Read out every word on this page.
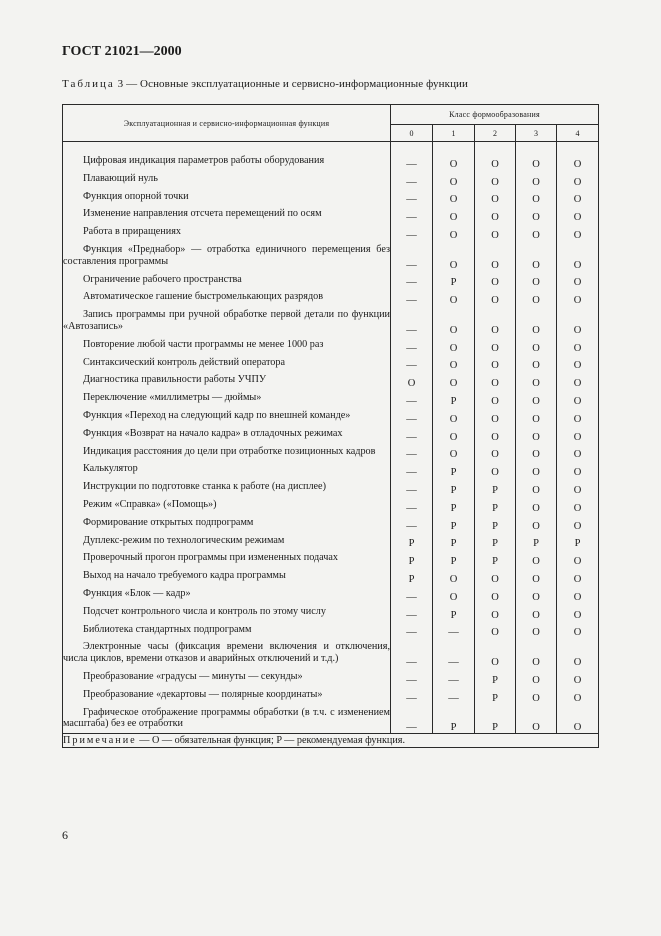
ГОСТ 21021—2000
Таблица 3 — Основные эксплуатационные и сервисно-информационные функции
Эксплуатационная и сервисно-информационная функция	Класс формообразования				
	0	1	2	3	4

Цифровая индикация параметров работы оборудования	—	O	O	O	O

Плавающий нуль	—	O	O	O	O

Функция опорной точки	—	O	O	O	O

Изменение направления отсчета перемещений по осям	—	O	O	O	O

Работа в приращениях	—	O	O	O	O

Функция «Преднабор» — отработка единичного перемещения без составления программы	—	O	O	O	O

Ограничение рабочего пространства	—	P	O	O	O

Автоматическое гашение быстромелькающих разрядов	—	O	O	O	O

Запись программы при ручной обработке первой детали по функции «Автозапись»	—	O	O	O	O

Повторение любой части программы не менее 1000 раз	—	O	O	O	O

Синтаксический контроль действий оператора	—	O	O	O	O

Диагностика правильности работы УЧПУ	O	O	O	O	O

Переключение «миллиметры — дюймы»	—	P	O	O	O

Функция «Переход на следующий кадр по внешней команде»	—	O	O	O	O

Функция «Возврат на начало кадра» в отладочных режимах	—	O	O	O	O

Индикация расстояния до цели при отработке позиционных кадров	—	O	O	O	O

Калькулятор	—	P	O	O	O

Инструкции по подготовке станка к работе (на дисплее)	—	P	P	O	O

Режим «Справка» («Помощь»)	—	P	P	O	O

Формирование открытых подпрограмм	—	P	P	O	O

Дуплекс-режим по технологическим режимам	P	P	P	P	P

Проверочный прогон программы при измененных подачах	P	P	P	O	O

Выход на начало требуемого кадра программы	P	O	O	O	O

Функция «Блок — кадр»	—	O	O	O	O

Подсчет контрольного числа и контроль по этому числу	—	P	O	O	O

Библиотека стандартных подпрограмм	—	—	O	O	O

Электронные часы (фиксация времени включения и отключения, числа циклов, времени отказов и аварийных отключений и т.д.)	—	—	O	O	O

Преобразование «градусы — минуты — секунды»	—	—	P	O	O

Преобразование «декартовы — полярные координаты»	—	—	P	O	O

Графическое отображение программы обработки (в т.ч. с изменением масштаба) без ее отработки	—	P	P	O	O
Примечание — O — обязательная функция; P — рекомендуемая функция.					
6
